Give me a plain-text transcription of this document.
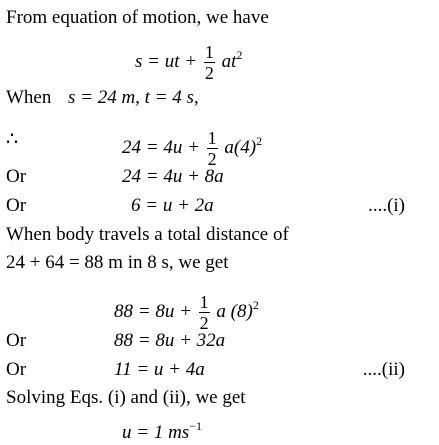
From equation of motion, we have
s = ut + $\frac{1}{2} at^2$
When s = 24 m, t = 4 s,
∴	$24 = 4u + \frac{1}{2} a(4)^2$
Or	24 = 4u + 8a
Or	6 = u + 2a	....(i)
When body travels a total distance of
24 + 64 = 88 m in 8 s, we get
$88 = 8u + \frac{1}{2}$ a $(8)^2$
Or	88 = 8u + 32a
Or	11 = u + 4a	....(ii)
Solving Eqs. (i) and (ii), we get
u = 1 $ms^{-1}$
